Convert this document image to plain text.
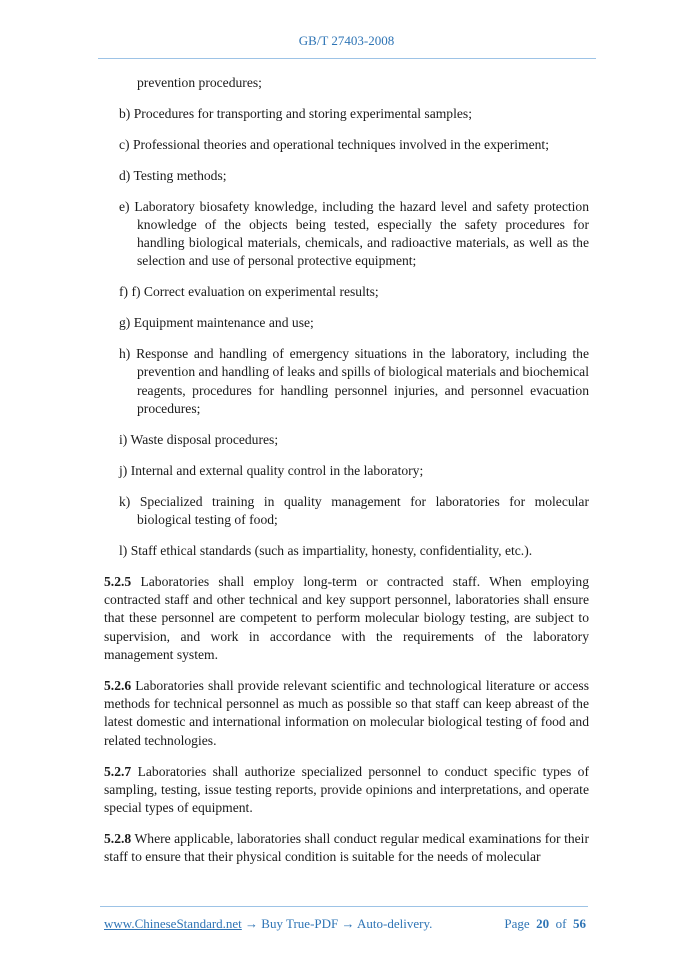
GB/T 27403-2008
prevention procedures;
b) Procedures for transporting and storing experimental samples;
c) Professional theories and operational techniques involved in the experiment;
d) Testing methods;
e) Laboratory biosafety knowledge, including the hazard level and safety protection knowledge of the objects being tested, especially the safety procedures for handling biological materials, chemicals, and radioactive materials, as well as the selection and use of personal protective equipment;
f) f) Correct evaluation on experimental results;
g) Equipment maintenance and use;
h) Response and handling of emergency situations in the laboratory, including the prevention and handling of leaks and spills of biological materials and biochemical reagents, procedures for handling personnel injuries, and personnel evacuation procedures;
i) Waste disposal procedures;
j) Internal and external quality control in the laboratory;
k) Specialized training in quality management for laboratories for molecular biological testing of food;
l) Staff ethical standards (such as impartiality, honesty, confidentiality, etc.).

5.2.5 Laboratories shall employ long-term or contracted staff. When employing contracted staff and other technical and key support personnel, laboratories shall ensure that these personnel are competent to perform molecular biology testing, are subject to supervision, and work in accordance with the requirements of the laboratory management system.

5.2.6 Laboratories shall provide relevant scientific and technological literature or access methods for technical personnel as much as possible so that staff can keep abreast of the latest domestic and international information on molecular biological testing of food and related technologies.

5.2.7 Laboratories shall authorize specialized personnel to conduct specific types of sampling, testing, issue testing reports, provide opinions and interpretations, and operate special types of equipment.

5.2.8 Where applicable, laboratories shall conduct regular medical examinations for their staff to ensure that their physical condition is suitable for the needs of molecular

www.ChineseStandard.net → Buy True-PDF → Auto-delivery.	Page 20 of 56
